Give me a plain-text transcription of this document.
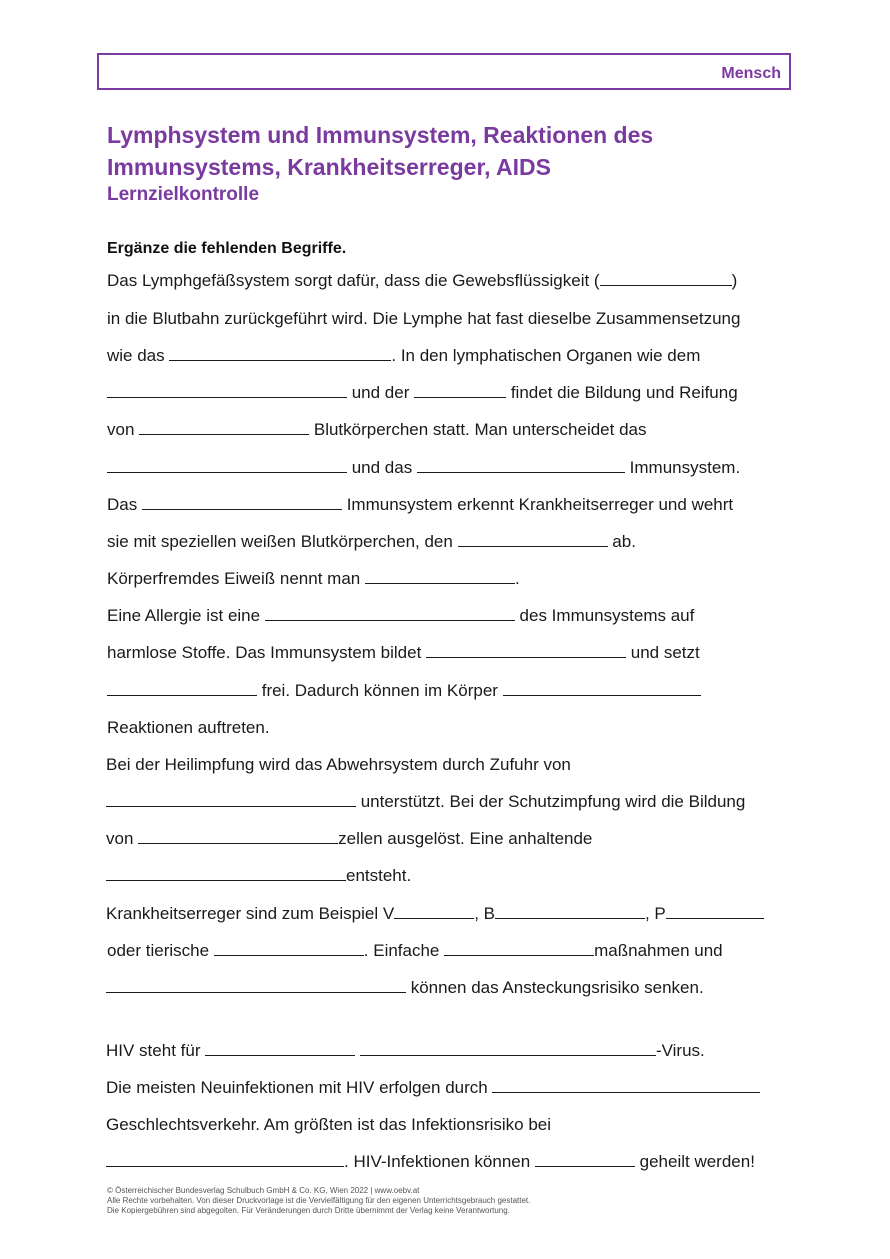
Mensch
Lymphsystem und Immunsystem, Reaktionen des
Immunsystems, Krankheitserreger, AIDS
Lernzielkontrolle
Ergänze die fehlenden Begriffe.
Das Lymphgefäßsystem sorgt dafür, dass die Gewebsflüssigkeit (	)
in die Blutbahn zurückgeführt wird. Die Lymphe hat fast dieselbe Zusammensetzung
wie das	. In den lymphatischen Organen wie dem
und der	findet die Bildung und Reifung
von	Blutkörperchen statt. Man unterscheidet das
und das	Immunsystem.
Das	Immunsystem erkennt Krankheitserreger und wehrt
sie mit speziellen weißen Blutkörperchen, den	ab.
Körperfremdes Eiweiß nennt man	.
Eine Allergie ist eine	des Immunsystems auf
harmlose Stoffe. Das Immunsystem bildet	und setzt
frei. Dadurch können im Körper
Reaktionen auftreten.
Bei der Heilimpfung wird das Abwehrsystem durch Zufuhr von
unterstützt. Bei der Schutzimpfung wird die Bildung
von	zellen ausgelöst. Eine anhaltende
entsteht.
Krankheitserreger sind zum Beispiel V	, B	, P
oder tierische	. Einfache	maßnahmen und
können das Ansteckungsrisiko senken.
HIV steht für	-Virus.
Die meisten Neuinfektionen mit HIV erfolgen durch
Geschlechtsverkehr. Am größten ist das Infektionsrisiko bei
. HIV-Infektionen können	geheilt werden!
© Österreichischer Bundesverlag Schulbuch GmbH & Co. KG, Wien 2022 | www.oebv.at
Alle Rechte vorbehalten. Von dieser Druckvorlage ist die Vervielfältigung für den eigenen Unterrichtsgebrauch gestattet.
Die Kopiergebühren sind abgegolten. Für Veränderungen durch Dritte übernimmt der Verlag keine Verantwortung.
